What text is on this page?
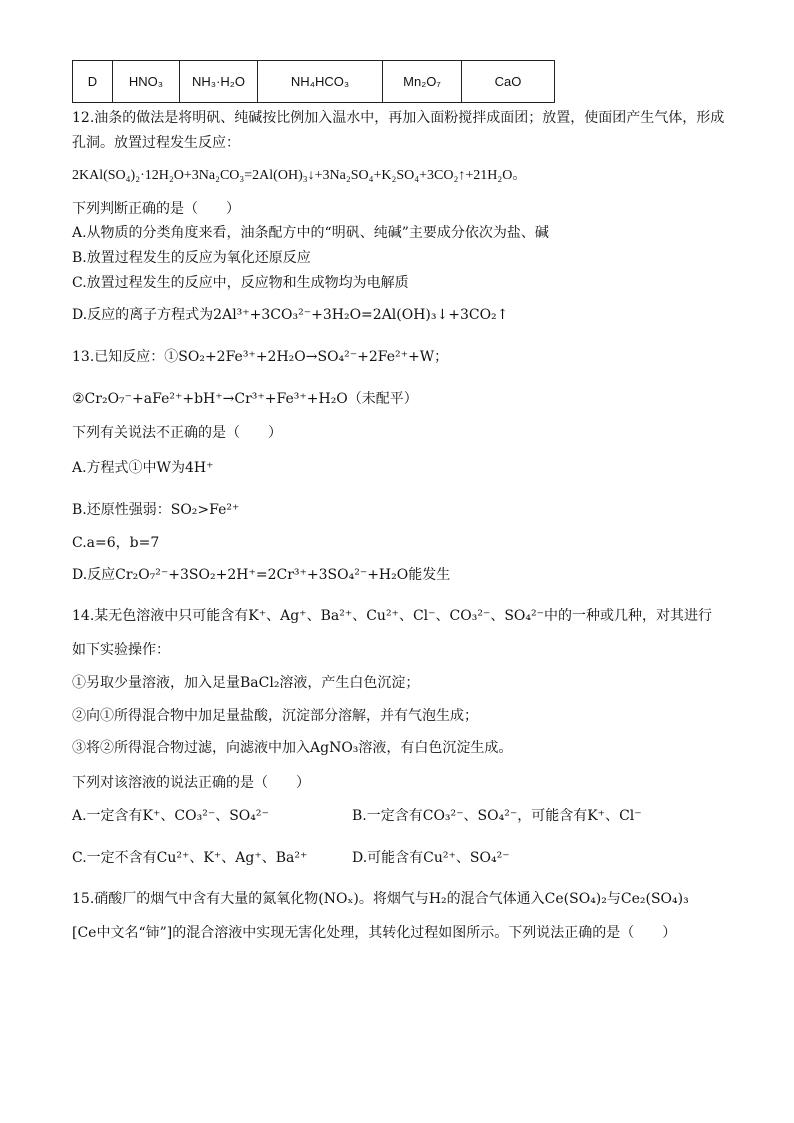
D	HNO₃	NH₃·H₂O	NH₄HCO₃	Mn₂O₇	CaO
12.油条的做法是将明矾、纯碱按比例加入温水中，再加入面粉搅拌成面团；放置，使面团产生气体，形成
孔洞。放置过程发生反应：
2KAl(SO₄)₂·12H₂O+3Na₂CO₃=2Al(OH)₃↓+3Na₂SO₄+K₂SO₄+3CO₂↑+21H₂O。
下列判断正确的是（　　）
A.从物质的分类角度来看，油条配方中的“明矾、纯碱”主要成分依次为盐、碱
B.放置过程发生的反应为氧化还原反应
C.放置过程发生的反应中，反应物和生成物均为电解质
D.反应的离子方程式为2Al³⁺+3CO₃²⁻+3H₂O=2Al(OH)₃↓+3CO₂↑
13.已知反应：①SO₂+2Fe³⁺+2H₂O→SO₄²⁻+2Fe²⁺+W；
②Cr₂O₇⁻+aFe²⁺+bH⁺→Cr³⁺+Fe³⁺+H₂O（未配平）
下列有关说法不正确的是（　　）
A.方程式①中W为4H⁺
B.还原性强弱：SO₂>Fe²⁺
C.a=6，b=7
D.反应Cr₂O₇²⁻+3SO₂+2H⁺=2Cr³⁺+3SO₄²⁻+H₂O能发生
14.某无色溶液中只可能含有K⁺、Ag⁺、Ba²⁺、Cu²⁺、Cl⁻、CO₃²⁻、SO₄²⁻中的一种或几种，对其进行
如下实验操作：
①另取少量溶液，加入足量BaCl₂溶液，产生白色沉淀；
②向①所得混合物中加足量盐酸，沉淀部分溶解，并有气泡生成；
③将②所得混合物过滤，向滤液中加入AgNO₃溶液，有白色沉淀生成。
下列对该溶液的说法正确的是（　　）
A.一定含有K⁺、CO₃²⁻、SO₄²⁻	B.一定含有CO₃²⁻、SO₄²⁻，可能含有K⁺、Cl⁻
C.一定不含有Cu²⁺、K⁺、Ag⁺、Ba²⁺	D.可能含有Cu²⁺、SO₄²⁻
15.硝酸厂的烟气中含有大量的氮氧化物(NOₓ)。将烟气与H₂的混合气体通入Ce(SO₄)₂与Ce₂(SO₄)₃
[Ce中文名“铈”]的混合溶液中实现无害化处理，其转化过程如图所示。下列说法正确的是（　　）
